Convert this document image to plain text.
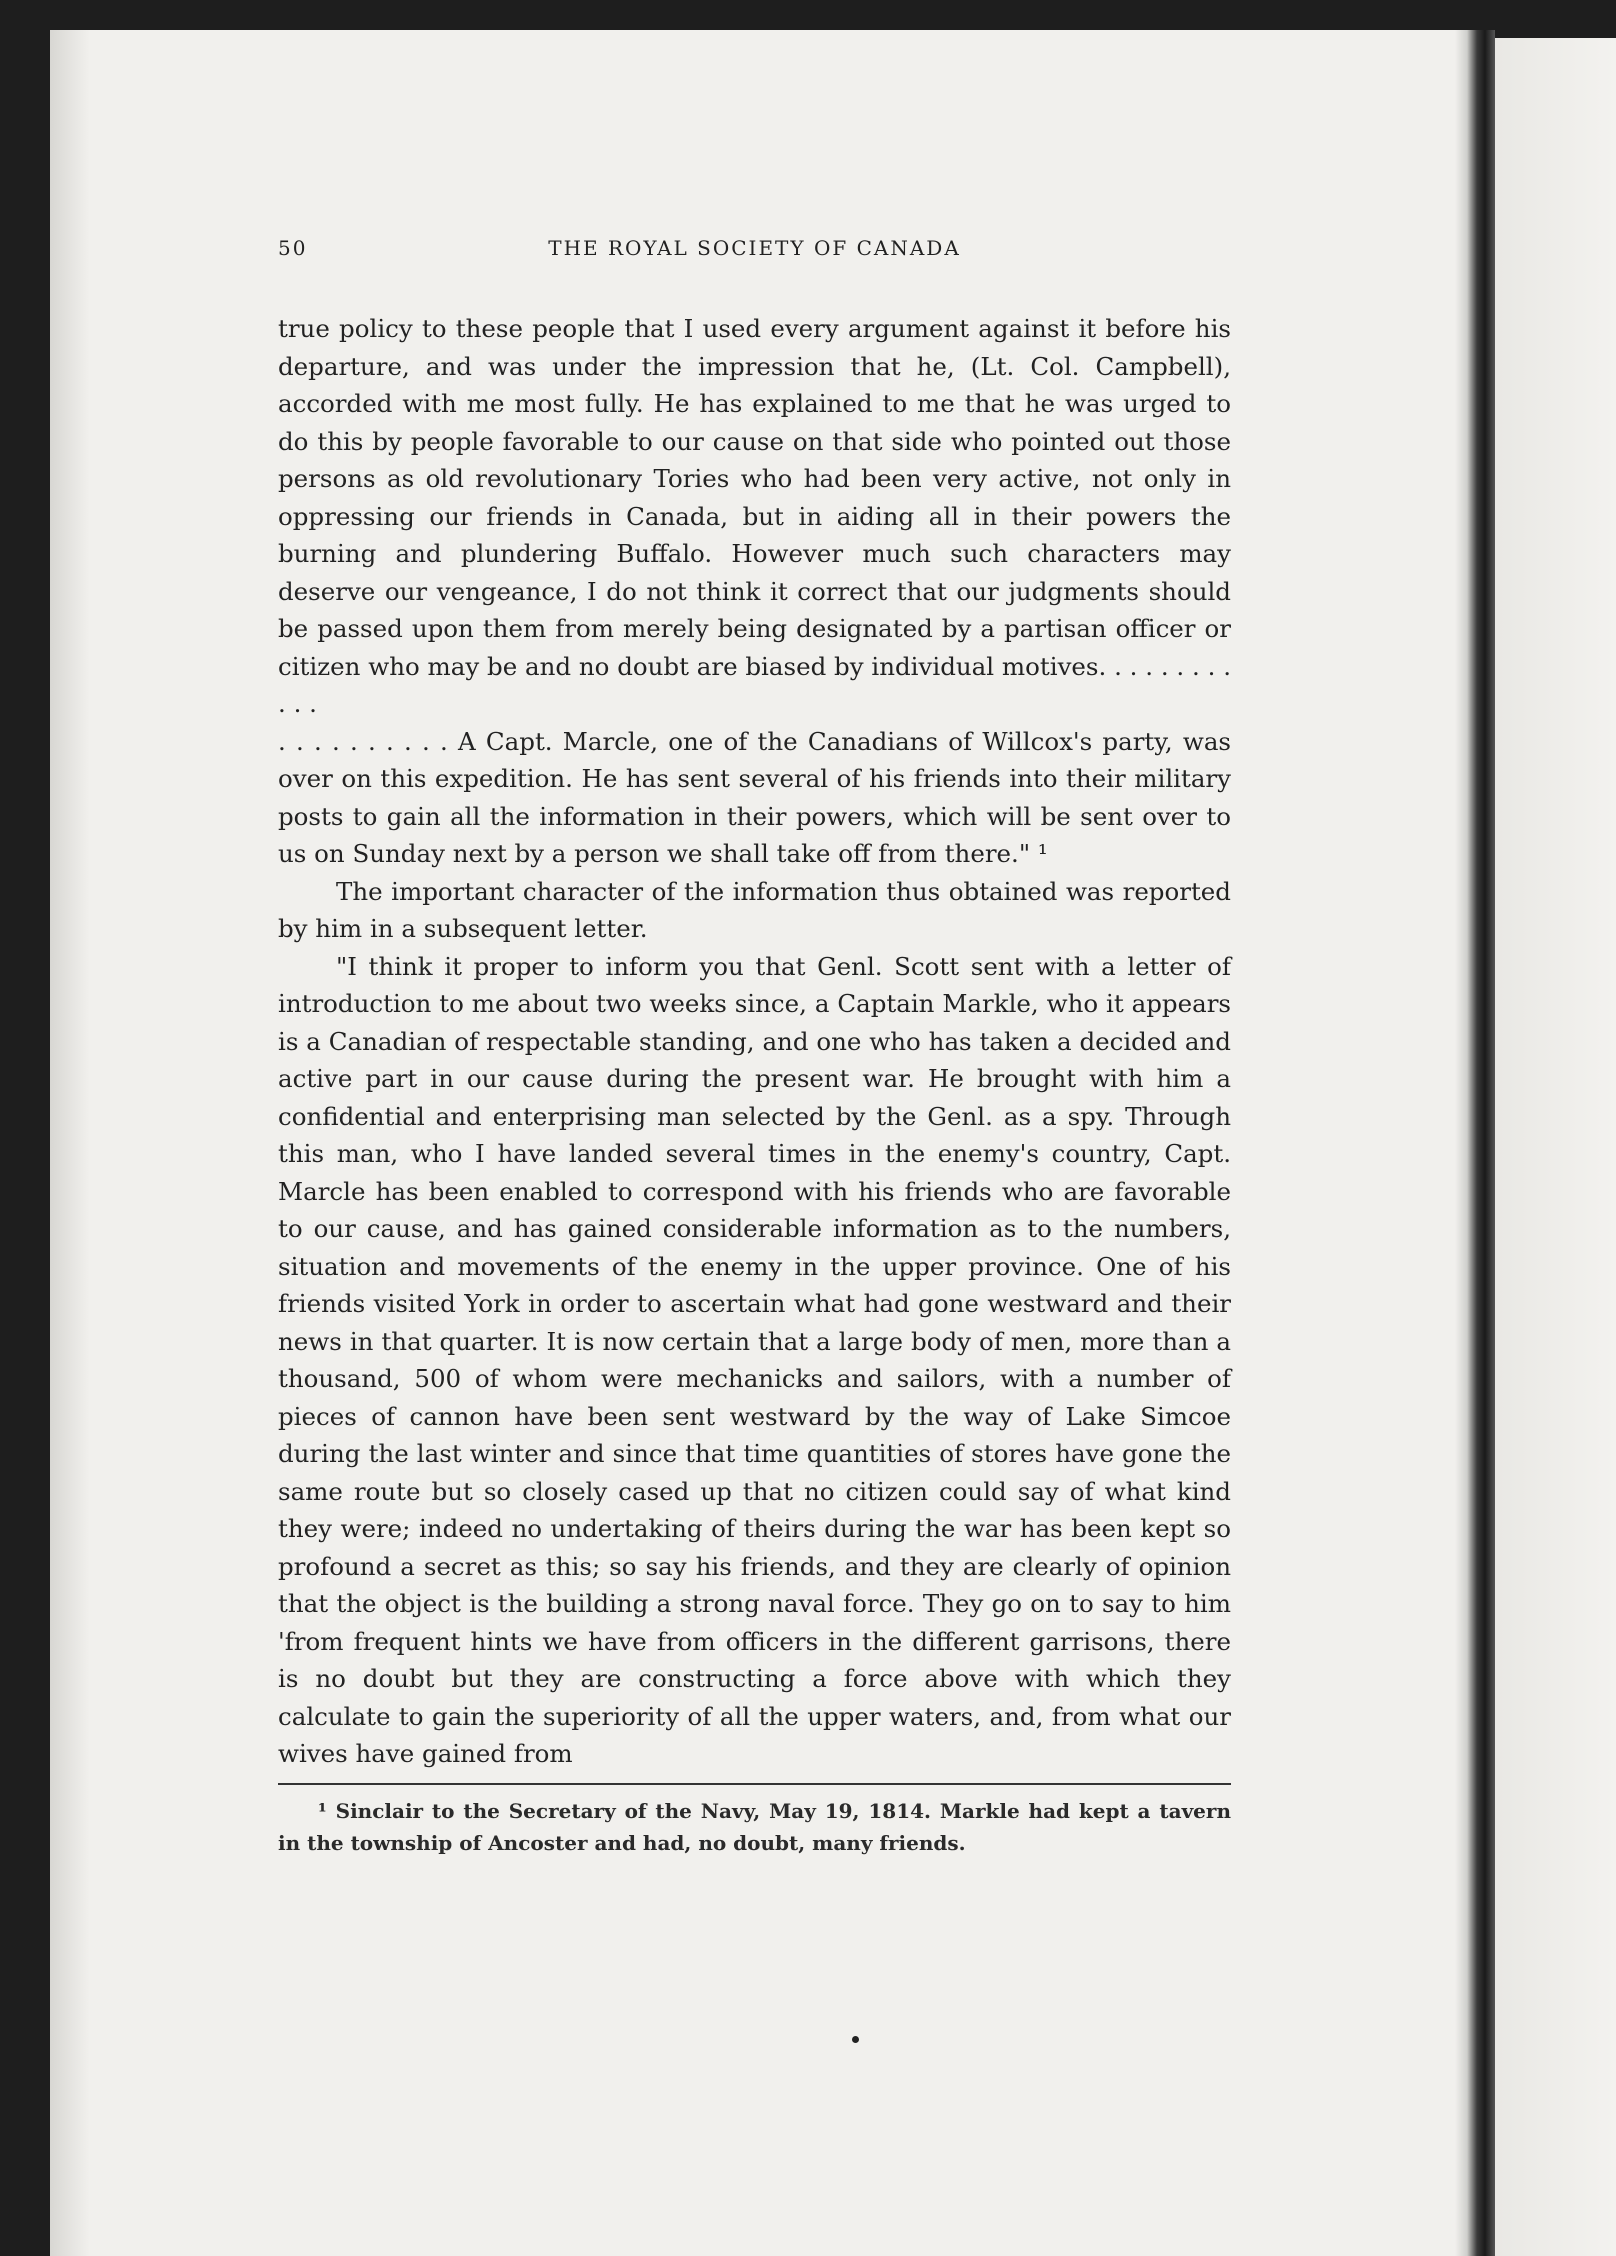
50	THE ROYAL SOCIETY OF CANADA

true policy to these people that I used every argument against it before his departure, and was under the impression that he, (Lt. Col. Campbell), accorded with me most fully. He has explained to me that he was urged to do this by people favorable to our cause on that side who pointed out those persons as old revolutionary Tories who had been very active, not only in oppressing our friends in Canada, but in aiding all in their powers the burning and plundering Buffalo. However much such characters may deserve our vengeance, I do not think it correct that our judgments should be passed upon them from merely being designated by a partisan officer or citizen who may be and no doubt are biased by individual motives. . . . . . . . . . . .

. . . . . . . . . . A Capt. Marcle, one of the Canadians of Willcox's party, was over on this expedition. He has sent several of his friends into their military posts to gain all the information in their powers, which will be sent over to us on Sunday next by a person we shall take off from there." ¹

The important character of the information thus obtained was reported by him in a subsequent letter.

"I think it proper to inform you that Genl. Scott sent with a letter of introduction to me about two weeks since, a Captain Markle, who it appears is a Canadian of respectable standing, and one who has taken a decided and active part in our cause during the present war. He brought with him a confidential and enterprising man selected by the Genl. as a spy. Through this man, who I have landed several times in the enemy's country, Capt. Marcle has been enabled to correspond with his friends who are favorable to our cause, and has gained considerable information as to the numbers, situation and movements of the enemy in the upper province. One of his friends visited York in order to ascertain what had gone westward and their news in that quarter. It is now certain that a large body of men, more than a thousand, 500 of whom were mechanicks and sailors, with a number of pieces of cannon have been sent westward by the way of Lake Simcoe during the last winter and since that time quantities of stores have gone the same route but so closely cased up that no citizen could say of what kind they were; indeed no undertaking of theirs during the war has been kept so profound a secret as this; so say his friends, and they are clearly of opinion that the object is the building a strong naval force. They go on to say to him 'from frequent hints we have from officers in the different garrisons, there is no doubt but they are constructing a force above with which they calculate to gain the superiority of all the upper waters, and, from what our wives have gained from

¹ Sinclair to the Secretary of the Navy, May 19, 1814. Markle had kept a tavern in the township of Ancoster and had, no doubt, many friends.
